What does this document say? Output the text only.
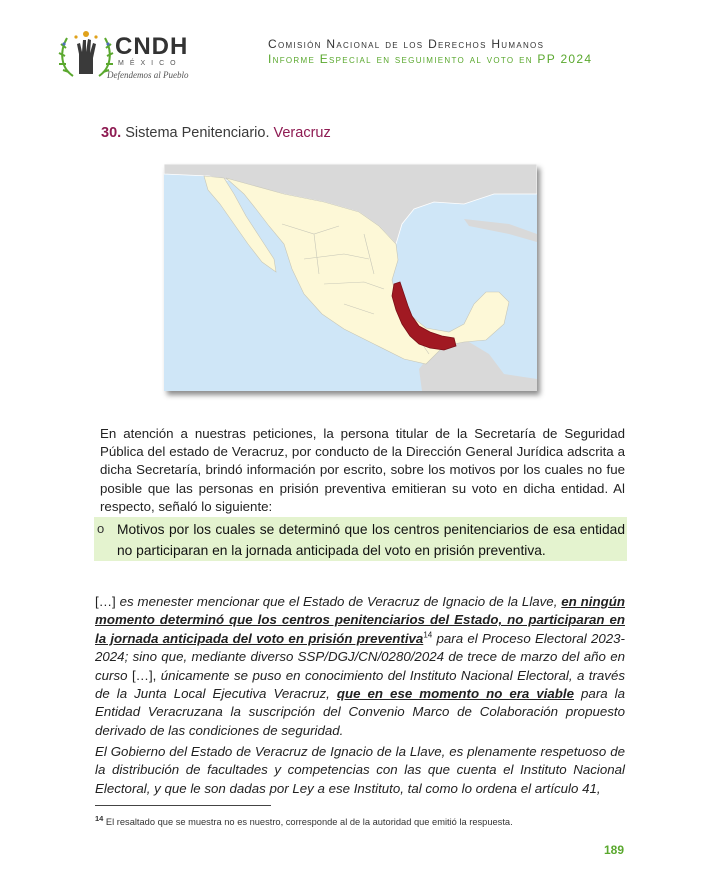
CNDH
MÉXICO
Defendemos al Pueblo
Comisión Nacional de los Derechos Humanos
Informe Especial en seguimiento al voto en PP 2024
30. Sistema Penitenciario. Veracruz
En atención a nuestras peticiones, la persona titular de la Secretaría de Seguridad Pública del estado de Veracruz, por conducto de la Dirección General Jurídica adscrita a dicha Secretaría, brindó información por escrito, sobre los motivos por los cuales no fue posible que las personas en prisión preventiva emitieran su voto en dicha entidad. Al respecto, señaló lo siguiente:
o Motivos por los cuales se determinó que los centros penitenciarios de esa entidad no participaran en la jornada anticipada del voto en prisión preventiva.
[…] es menester mencionar que el Estado de Veracruz de Ignacio de la Llave, en ningún momento determinó que los centros penitenciarios del Estado, no participaran en la jornada anticipada del voto en prisión preventiva$^{14}$ para el Proceso Electoral 2023-2024; sino que, mediante diverso SSP/DGJ/CN/0280/2024 de trece de marzo del año en curso […], únicamente se puso en conocimiento del Instituto Nacional Electoral, a través de la Junta Local Ejecutiva Veracruz, que en ese momento no era viable para la Entidad Veracruzana la suscripción del Convenio Marco de Colaboración propuesto derivado de las condiciones de seguridad.
El Gobierno del Estado de Veracruz de Ignacio de la Llave, es plenamente respetuoso de la distribución de facultades y competencias con las que cuenta el Instituto Nacional Electoral, y que le son dadas por Ley a ese Instituto, tal como lo ordena el artículo 41,
$^{14}$ El resaltado que se muestra no es nuestro, corresponde al de la autoridad que emitió la respuesta.
189
